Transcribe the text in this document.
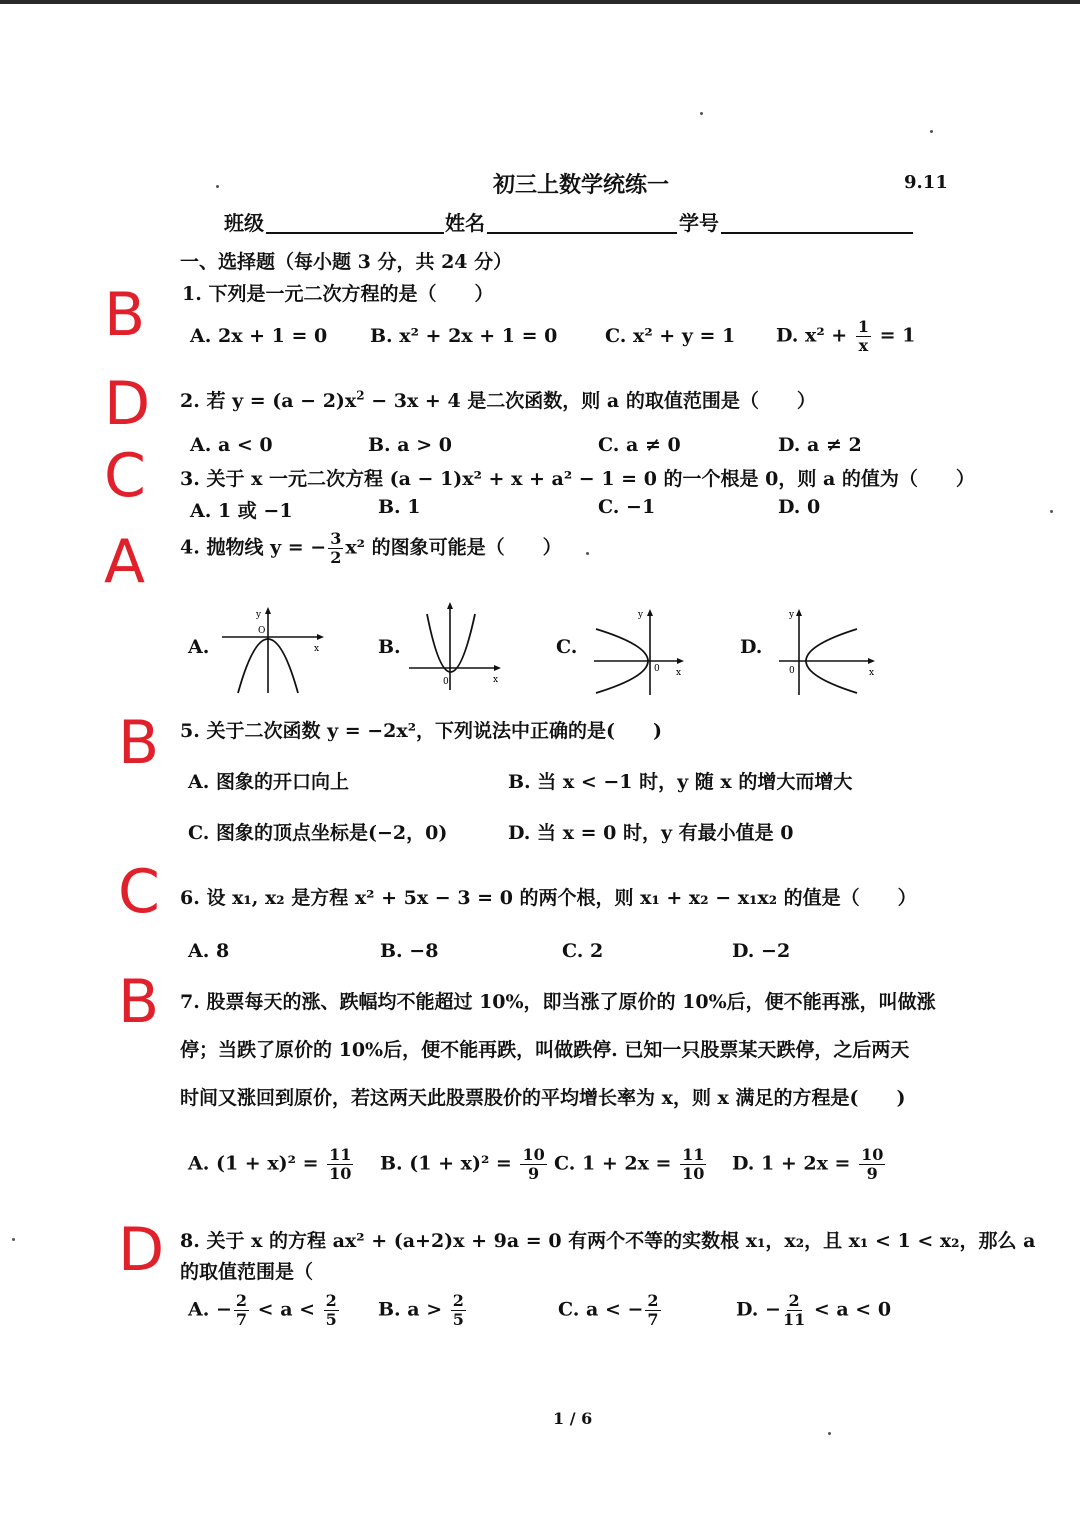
初三上数学统练一	9.11
班级	姓名	学号
一、选择题（每小题 3 分，共 24 分）
B
D
C
A
B
C
B
D
1. 下列是一元二次方程的是（　　）
A. 2x + 1 = 0 B. x² + 2x + 1 = 0	C. x² + y = 1 D. $x^2 + \frac{1}{x} = 1$
2. 若 $y = (a - 2)x^2 - 3x + 4$ 是二次函数，则 a 的取值范围是（　　）
A. a < 0	B. a > 0	C. a ≠ 0	D. a ≠ 2
3. 关于 x 一元二次方程 (a − 1)x² + x + a² − 1 = 0 的一个根是 0，则 a 的值为（　　）
A. 1 或 −1	B. 1	C. −1	D. 0
4. 抛物线 y = − $\frac{3}{2} x^2$ 的图象可能是（　　）
A.
y
O
x	B.
0	x
C.
y
0 x
D.
y
0	x
5. 关于二次函数 y = −2x²，下列说法中正确的是(　　)
A. 图象的开口向上	B. 当 x < −1 时，y 随 x 的增大而增大
C. 图象的顶点坐标是(−2，0)	D. 当 x = 0 时，y 有最小值是 0
6. 设 x₁, x₂ 是方程 x² + 5x − 3 = 0 的两个根，则 x₁ + x₂ − x₁x₂ 的值是（　　）
A. 8	B. −8	C. 2	D. −2
7. 股票每天的涨、跌幅均不能超过 10%，即当涨了原价的 10%后，便不能再涨，叫做涨
停；当跌了原价的 10%后，便不能再跌，叫做跌停. 已知一只股票某天跌停，之后两天
时间又涨回到原价，若这两天此股票股价的平均增长率为 x，则 x 满足的方程是(　　)
A. $(1 + x)^2 = \frac{11}{10} B$. $(1 + x)^2 = \frac{10}{9} C$. $1 + 2x = \frac{11}{10} D$. $1 + 2x = \frac{10}{9}$
8. 关于 x 的方程 ax² + (a+2)x + 9a = 0 有两个不等的实数根 x₁，x₂，且 x₁ < 1 < x₂，那么 a
的取值范围是（
A. − $\frac{2}{7} < a < \frac{2}{5} B$. $a > \frac{2}{5}$	C. a < − $\frac{2}{7}$	D. − $\frac{2}{11} < a < 0$
1 / 6
